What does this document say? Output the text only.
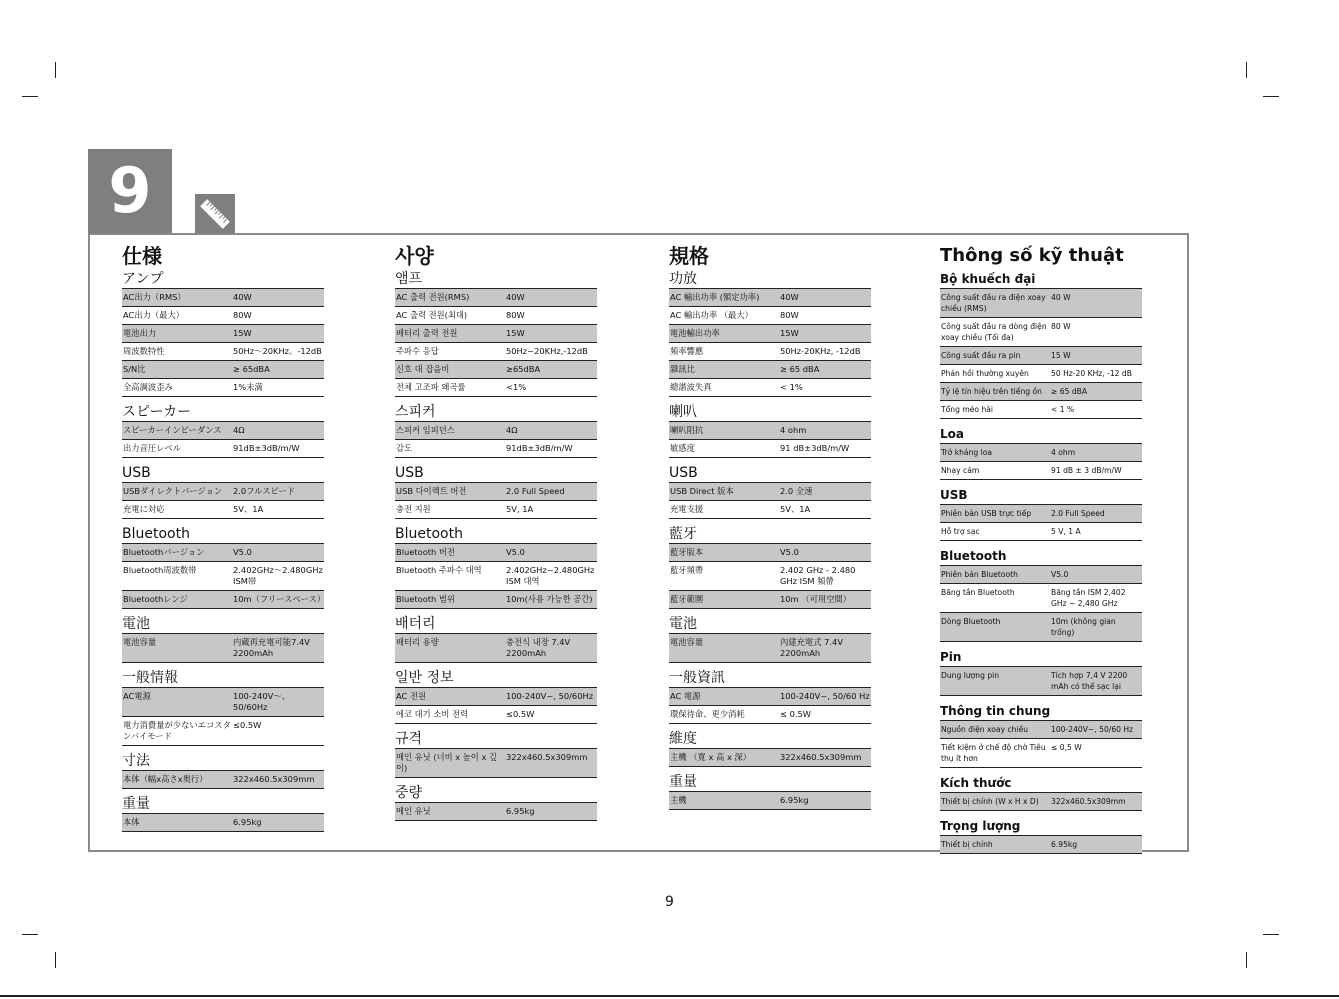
9
仕様
アンプ
AC出力（RMS）	40W
AC出力（最大）	80W
電池出力	15W
周波数特性	50Hz～20KHz、-12dB
S/N比	≥ 65dBA
全高調波歪み	1%未満
スピーカー
スピーカーインピーダンス	4Ω
出力音圧レベル	91dB±3dB/m/W
USB
USBダイレクトバージョン	2.0フルスピード
充電に対応	5V、1A
Bluetooth
Bluetoothバージョン	V5.0
Bluetooth周波数帯	2.402GHz～2.480GHz ISM帯
Bluetoothレンジ	10m（フリースペース）
電池
電池容量	内蔵再充電可能7.4V 2200mAh
一般情報
AC電源	100-240V～、50/60Hz
電力消費量が少ないエコスタンバイモード	≤0.5W
寸法
本体（幅x高さx奥行）	322x460.5x309mm
重量
本体	6.95kg
사양
앰프
AC 출력 전원(RMS)	40W
AC 출력 전원(최대)	80W
배터리 출력 전원	15W
주파수 응답	50Hz~20KHz,-12dB
신호 대 잡음비	≥65dBA
전체 고조파 왜곡률	<1%
스피커
스피커 임피던스	4Ω
감도	91dB±3dB/m/W
USB
USB 다이렉트 버전	2.0 Full Speed
충전 지원	5V, 1A
Bluetooth
Bluetooth 버전	V5.0
Bluetooth 주파수 대역	2.402GHz~2.480GHz ISM 대역
Bluetooth 범위	10m(사용 가능한 공간)
배터리
배터리 용량	충전식 내장 7.4V 2200mAh
일반 정보
AC 전원	100-240V~, 50/60Hz
에코 대기 소비 전력	≤0.5W
규격
메인 유닛 (너비 x 높이 x 깊이)	322x460.5x309mm
중량
메인 유닛	6.95kg
規格
功放
AC 輸出功率 (額定功率)	40W
AC 輸出功率 （最大）	80W
電池輸出功率	15W
頻率響應	50Hz-20KHz, -12dB
雜訊比	≥ 65 dBA
總諧波失真	< 1%
喇叭
喇叭阻抗	4 ohm
敏感度	91 dB±3dB/m/W
USB
USB Direct 版本	2.0 全速
充電支援	5V、1A
藍牙
藍牙版本	V5.0
藍牙頻帶	2.402 GHz - 2.480 GHz ISM 頻帶
藍牙範圍	10m （可用空間）
電池
電池容量	內建充電式 7.4V 2200mAh
一般資訊
AC 電源	100-240V~, 50/60 Hz
環保待命、更少消耗	≤ 0.5W
維度
主機 （寬 x 高 x 深）	322x460.5x309mm
重量
主機	6.95kg
Thông số kỹ thuật
Bộ khuếch đại
Công suất đầu ra điện xoay chiều (RMS)	40 W
Công suất đầu ra dòng điện xoay chiều (Tối đa)	80 W
Công suất đầu ra pin	15 W
Phản hồi thường xuyên	50 Hz-20 KHz, -12 dB
Tỷ lệ tín hiệu trên tiếng ồn	≥ 65 dBA
Tổng méo hài	< 1 %
Loa
Trở kháng loa	4 ohm
Nhạy cảm	91 dB ± 3 dB/m/W
USB
Phiên bản USB trực tiếp	2.0 Full Speed
Hỗ trợ sạc	5 V, 1 A
Bluetooth
Phiên bản Bluetooth	V5.0
Băng tần Bluetooth	Băng tần ISM 2,402 GHz ~ 2,480 GHz
Dòng Bluetooth	10m (không gian trống)
Pin
Dung lượng pin	Tích hợp 7,4 V 2200 mAh có thể sạc lại
Thông tin chung
Nguồn điện xoay chiều	100-240V~, 50/60 Hz
Tiết kiệm ở chế độ chờ Tiêu thụ ít hơn	≤ 0,5 W
Kích thước
Thiết bị chính (W x H x D)	322x460.5x309mm
Trọng lượng
Thiết bị chính	6.95kg
9
